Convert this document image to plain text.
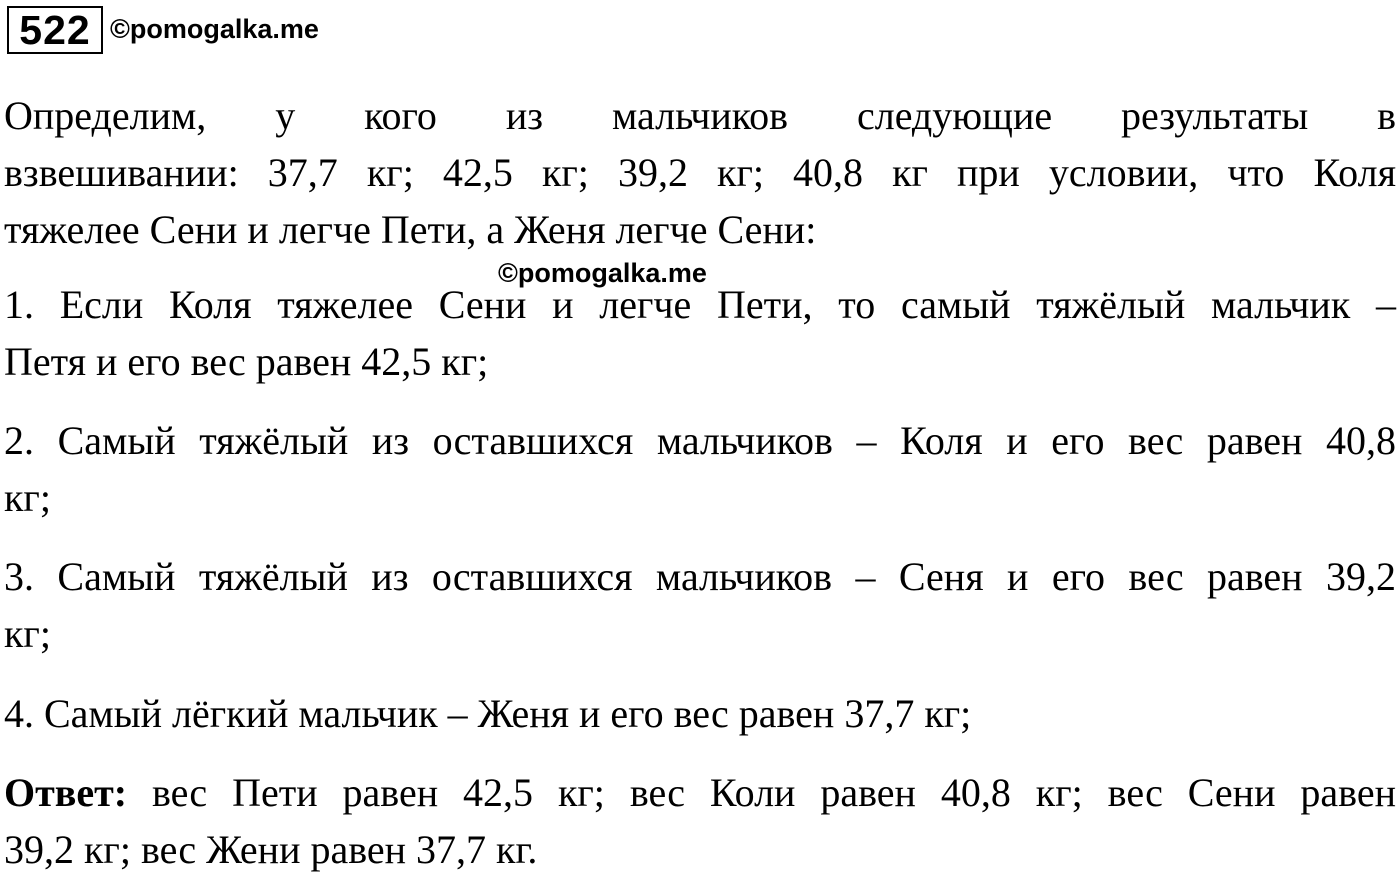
522 ©pomogalka.me
Определим, у кого из мальчиков следующие результаты в
взвешивании: 37,7 кг; 42,5 кг; 39,2 кг; 40,8 кг при условии, что Коля
тяжелее Сени и легче Пети, а Женя легче Сени:
©pomogalka.me
1. Если Коля тяжелее Сени и легче Пети, то самый тяжёлый мальчик –
Петя и его вес равен 42,5 кг;
2. Самый тяжёлый из оставшихся мальчиков – Коля и его вес равен 40,8
кг;
3. Самый тяжёлый из оставшихся мальчиков – Сеня и его вес равен 39,2
кг;
4. Самый лёгкий мальчик – Женя и его вес равен 37,7 кг;
Ответ: вес Пети равен 42,5 кг; вес Коли равен 40,8 кг; вес Сени равен
39,2 кг; вес Жени равен 37,7 кг.
